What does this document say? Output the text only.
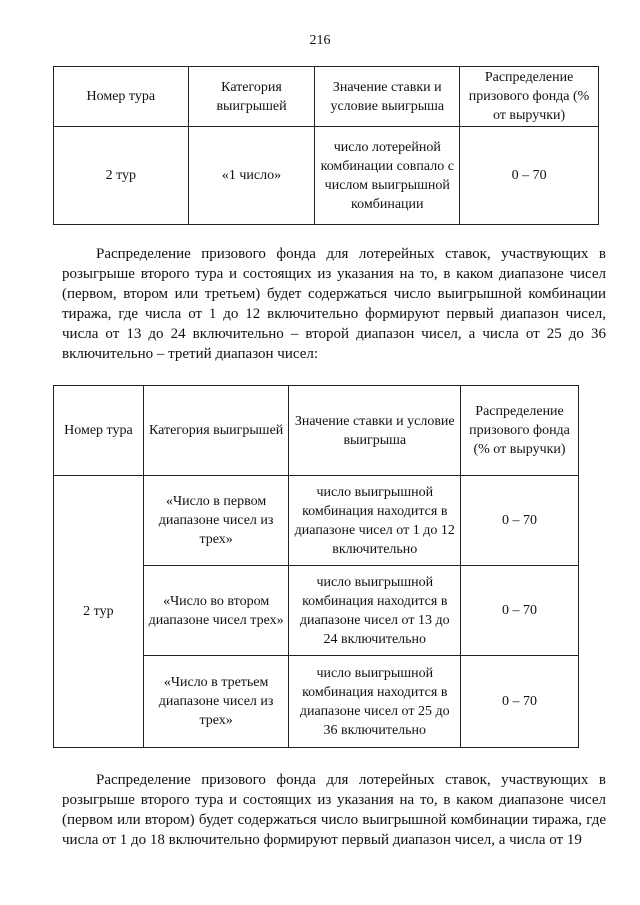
216
Номер тура	Категория выигрышей	Значение ставки и условие выигрыша	Распределение призового фонда (% от выручки)
2 тур	«1 число»	число лотерейной комбинации совпало с числом выигрышной комбинации	0 – 70

Распределение призового фонда для лотерейных ставок, участвующих в розыгрыше второго тура и состоящих из указания на то, в каком диапазоне чисел (первом, втором или третьем) будет содержаться число выигрышной комбинации тиража, где числа от 1 до 12 включительно формируют первый диапазон чисел, числа от 13 до 24 включительно – второй диапазон чисел, а числа от 25 до 36 включительно – третий диапазон чисел:

Номер тура	Категория выигрышей	Значение ставки и условие выигрыша	Распределение призового фонда (% от выручки)
2 тур	«Число в первом диапазоне чисел из трех»	число выигрышной комбинация находится в диапазоне чисел от 1 до 12 включительно	0 – 70
	«Число во втором диапазоне чисел трех»	число выигрышной комбинация находится в диапазоне чисел от 13 до 24 включительно	0 – 70
	«Число в третьем диапазоне чисел из трех»	число выигрышной комбинация находится в диапазоне чисел от 25 до 36 включительно	0 – 70

Распределение призового фонда для лотерейных ставок, участвующих в розыгрыше второго тура и состоящих из указания на то, в каком диапазоне чисел (первом или втором) будет содержаться число выигрышной комбинации тиража, где числа от 1 до 18 включительно формируют первый диапазон чисел, а числа от 19
